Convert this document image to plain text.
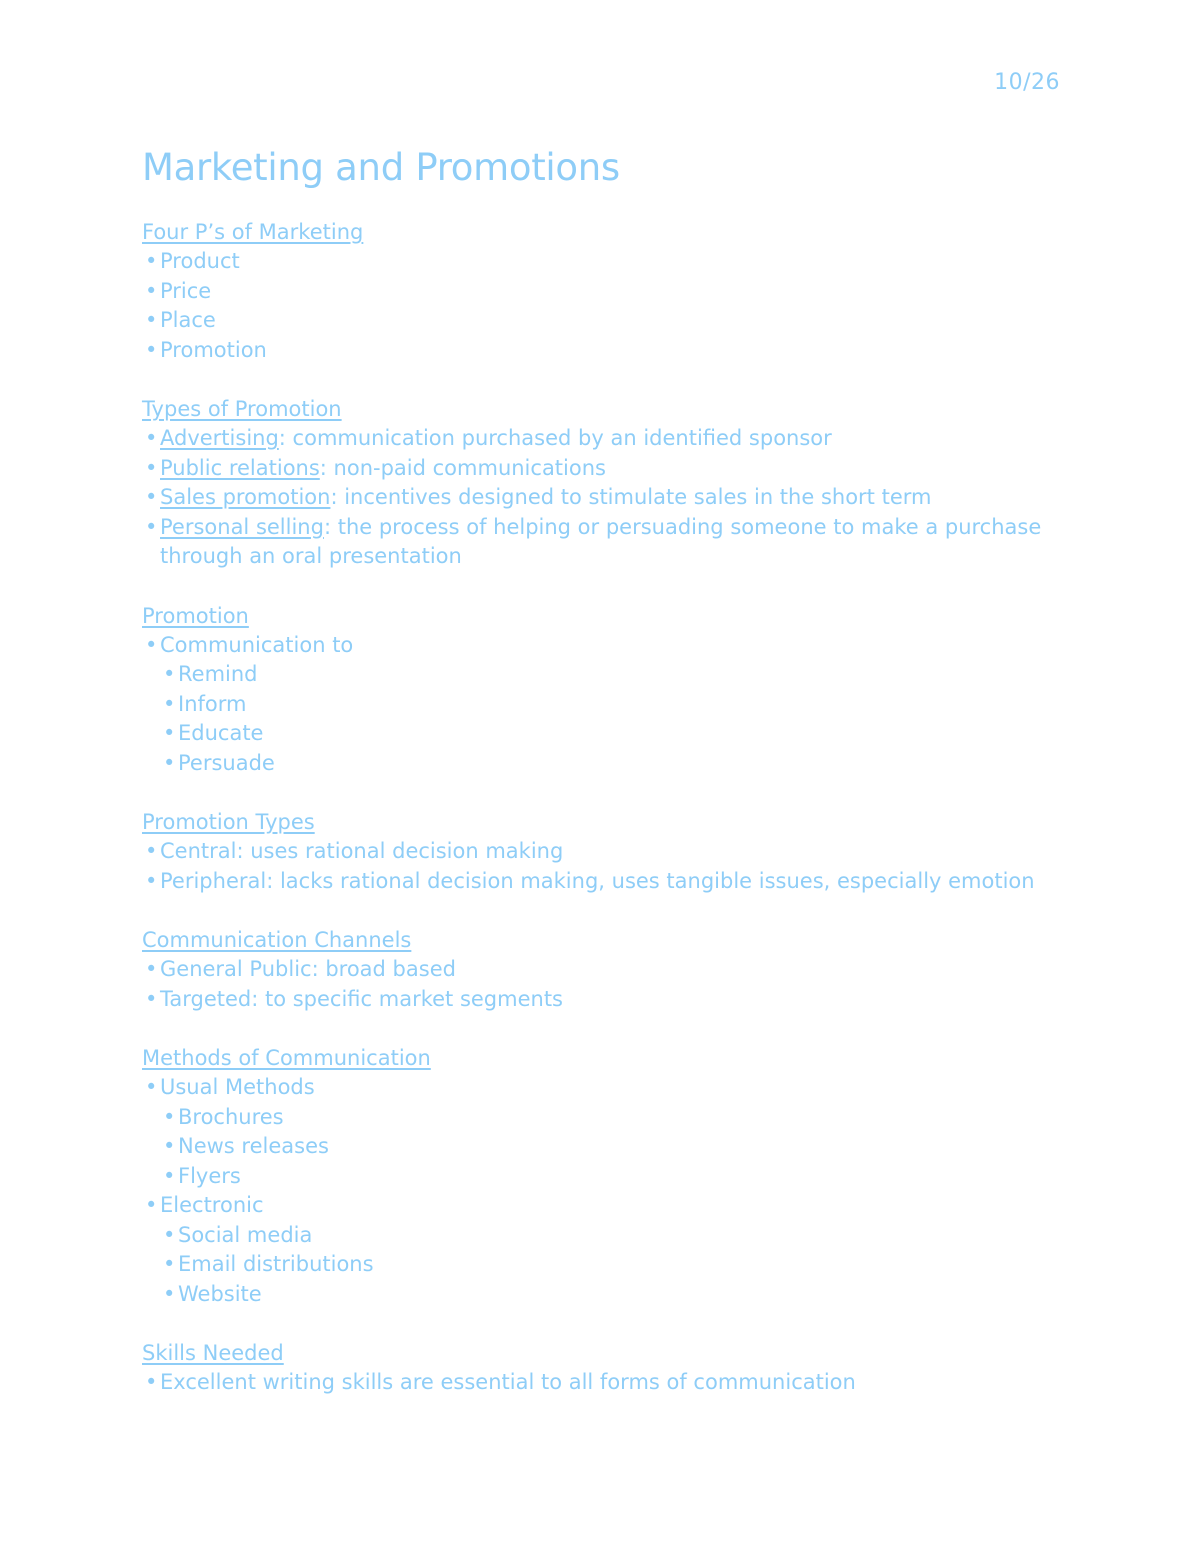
10/26
Marketing and Promotions

Four P’s of Marketing

• Product
• Price
• Place
• Promotion

Types of Promotion

• Advertising: communication purchased by an identified sponsor
• Public relations: non-paid communications
• Sales promotion: incentives designed to stimulate sales in the short term
• Personal selling: the process of helping or persuading someone to make a purchase through an oral presentation

Promotion

• Communication to
• Remind
• Inform
• Educate
• Persuade

Promotion Types

• Central: uses rational decision making
• Peripheral: lacks rational decision making, uses tangible issues, especially emotion

Communication Channels

• General Public: broad based
• Targeted: to specific market segments

Methods of Communication

• Usual Methods
• Brochures
• News releases
• Flyers
• Electronic
• Social media
• Email distributions
• Website

Skills Needed

• Excellent writing skills are essential to all forms of communication
